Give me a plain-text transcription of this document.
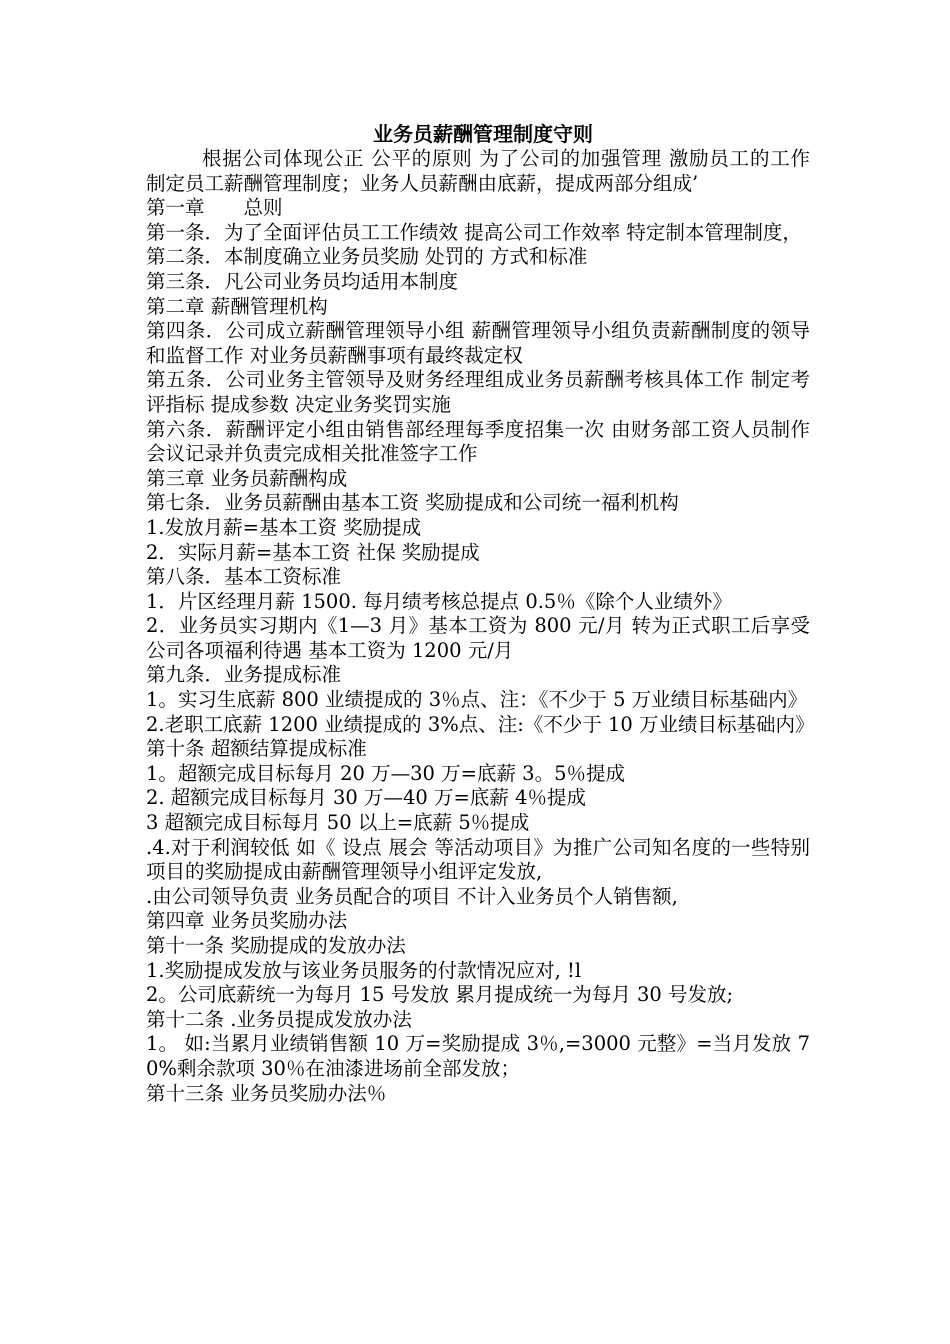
业务员薪酬管理制度守则

根据公司体现公正 公平的原则 为了公司的加强管理 激励员工的工作 制定员工薪酬管理制度；业务人员薪酬由底薪，提成两部分组成’

第一章　　总则

第一条．为了全面评估员工工作绩效 提高公司工作效率 特定制本管理制度，

第二条．本制度确立业务员奖励 处罚的 方式和标准

第三条．凡公司业务员均适用本制度

第二章 薪酬管理机构

第四条．公司成立薪酬管理领导小组 薪酬管理领导小组负责薪酬制度的领导和监督工作 对业务员薪酬事项有最终裁定权

第五条．公司业务主管领导及财务经理组成业务员薪酬考核具体工作 制定考评指标 提成参数 决定业务奖罚实施

第六条．薪酬评定小组由销售部经理每季度招集一次 由财务部工资人员制作会议记录并负责完成相关批准签字工作

第三章 业务员薪酬构成

第七条．业务员薪酬由基本工资 奖励提成和公司统一福利机构

1.发放月薪=基本工资 奖励提成

2．实际月薪=基本工资 社保 奖励提成

第八条．基本工资标准

1．片区经理月薪 1500. 每月绩考核总提点 0.5％《除个人业绩外》

2．业务员实习期内《1—3 月》基本工资为 800 元/月 转为正式职工后享受公司各项福利待遇 基本工资为 1200 元/月

第九条．业务提成标准

1。实习生底薪 800 业绩提成的 3％点、注：《不少于 5 万业绩目标基础内》

2.老职工底薪 1200 业绩提成的 3%点、注:《不少于 10 万业绩目标基础内》

第十条 超额结算提成标准

1。超额完成目标每月 20 万—30 万=底薪 3。5％提成

2. 超额完成目标每月 30 万—40 万=底薪 4％提成

3 超额完成目标每月 50 以上=底薪 5％提成

.4.对于利润较低 如《 设点 展会 等活动项目》为推广公司知名度的一些特别项目的奖励提成由薪酬管理领导小组评定发放,

.由公司领导负责 业务员配合的项目 不计入业务员个人销售额,

第四章 业务员奖励办法

第十一条 奖励提成的发放办法

1.奖励提成发放与该业务员服务的付款情况应对, !l

2。公司底薪统一为每月 15 号发放 累月提成统一为每月 30 号发放;

第十二条 .业务员提成发放办法

1。 如:当累月业绩销售额 10 万=奖励提成 3％,=3000 元整》=当月发放 70%剩余款项 30％在油漆进场前全部发放；

第十三条 业务员奖励办法％
